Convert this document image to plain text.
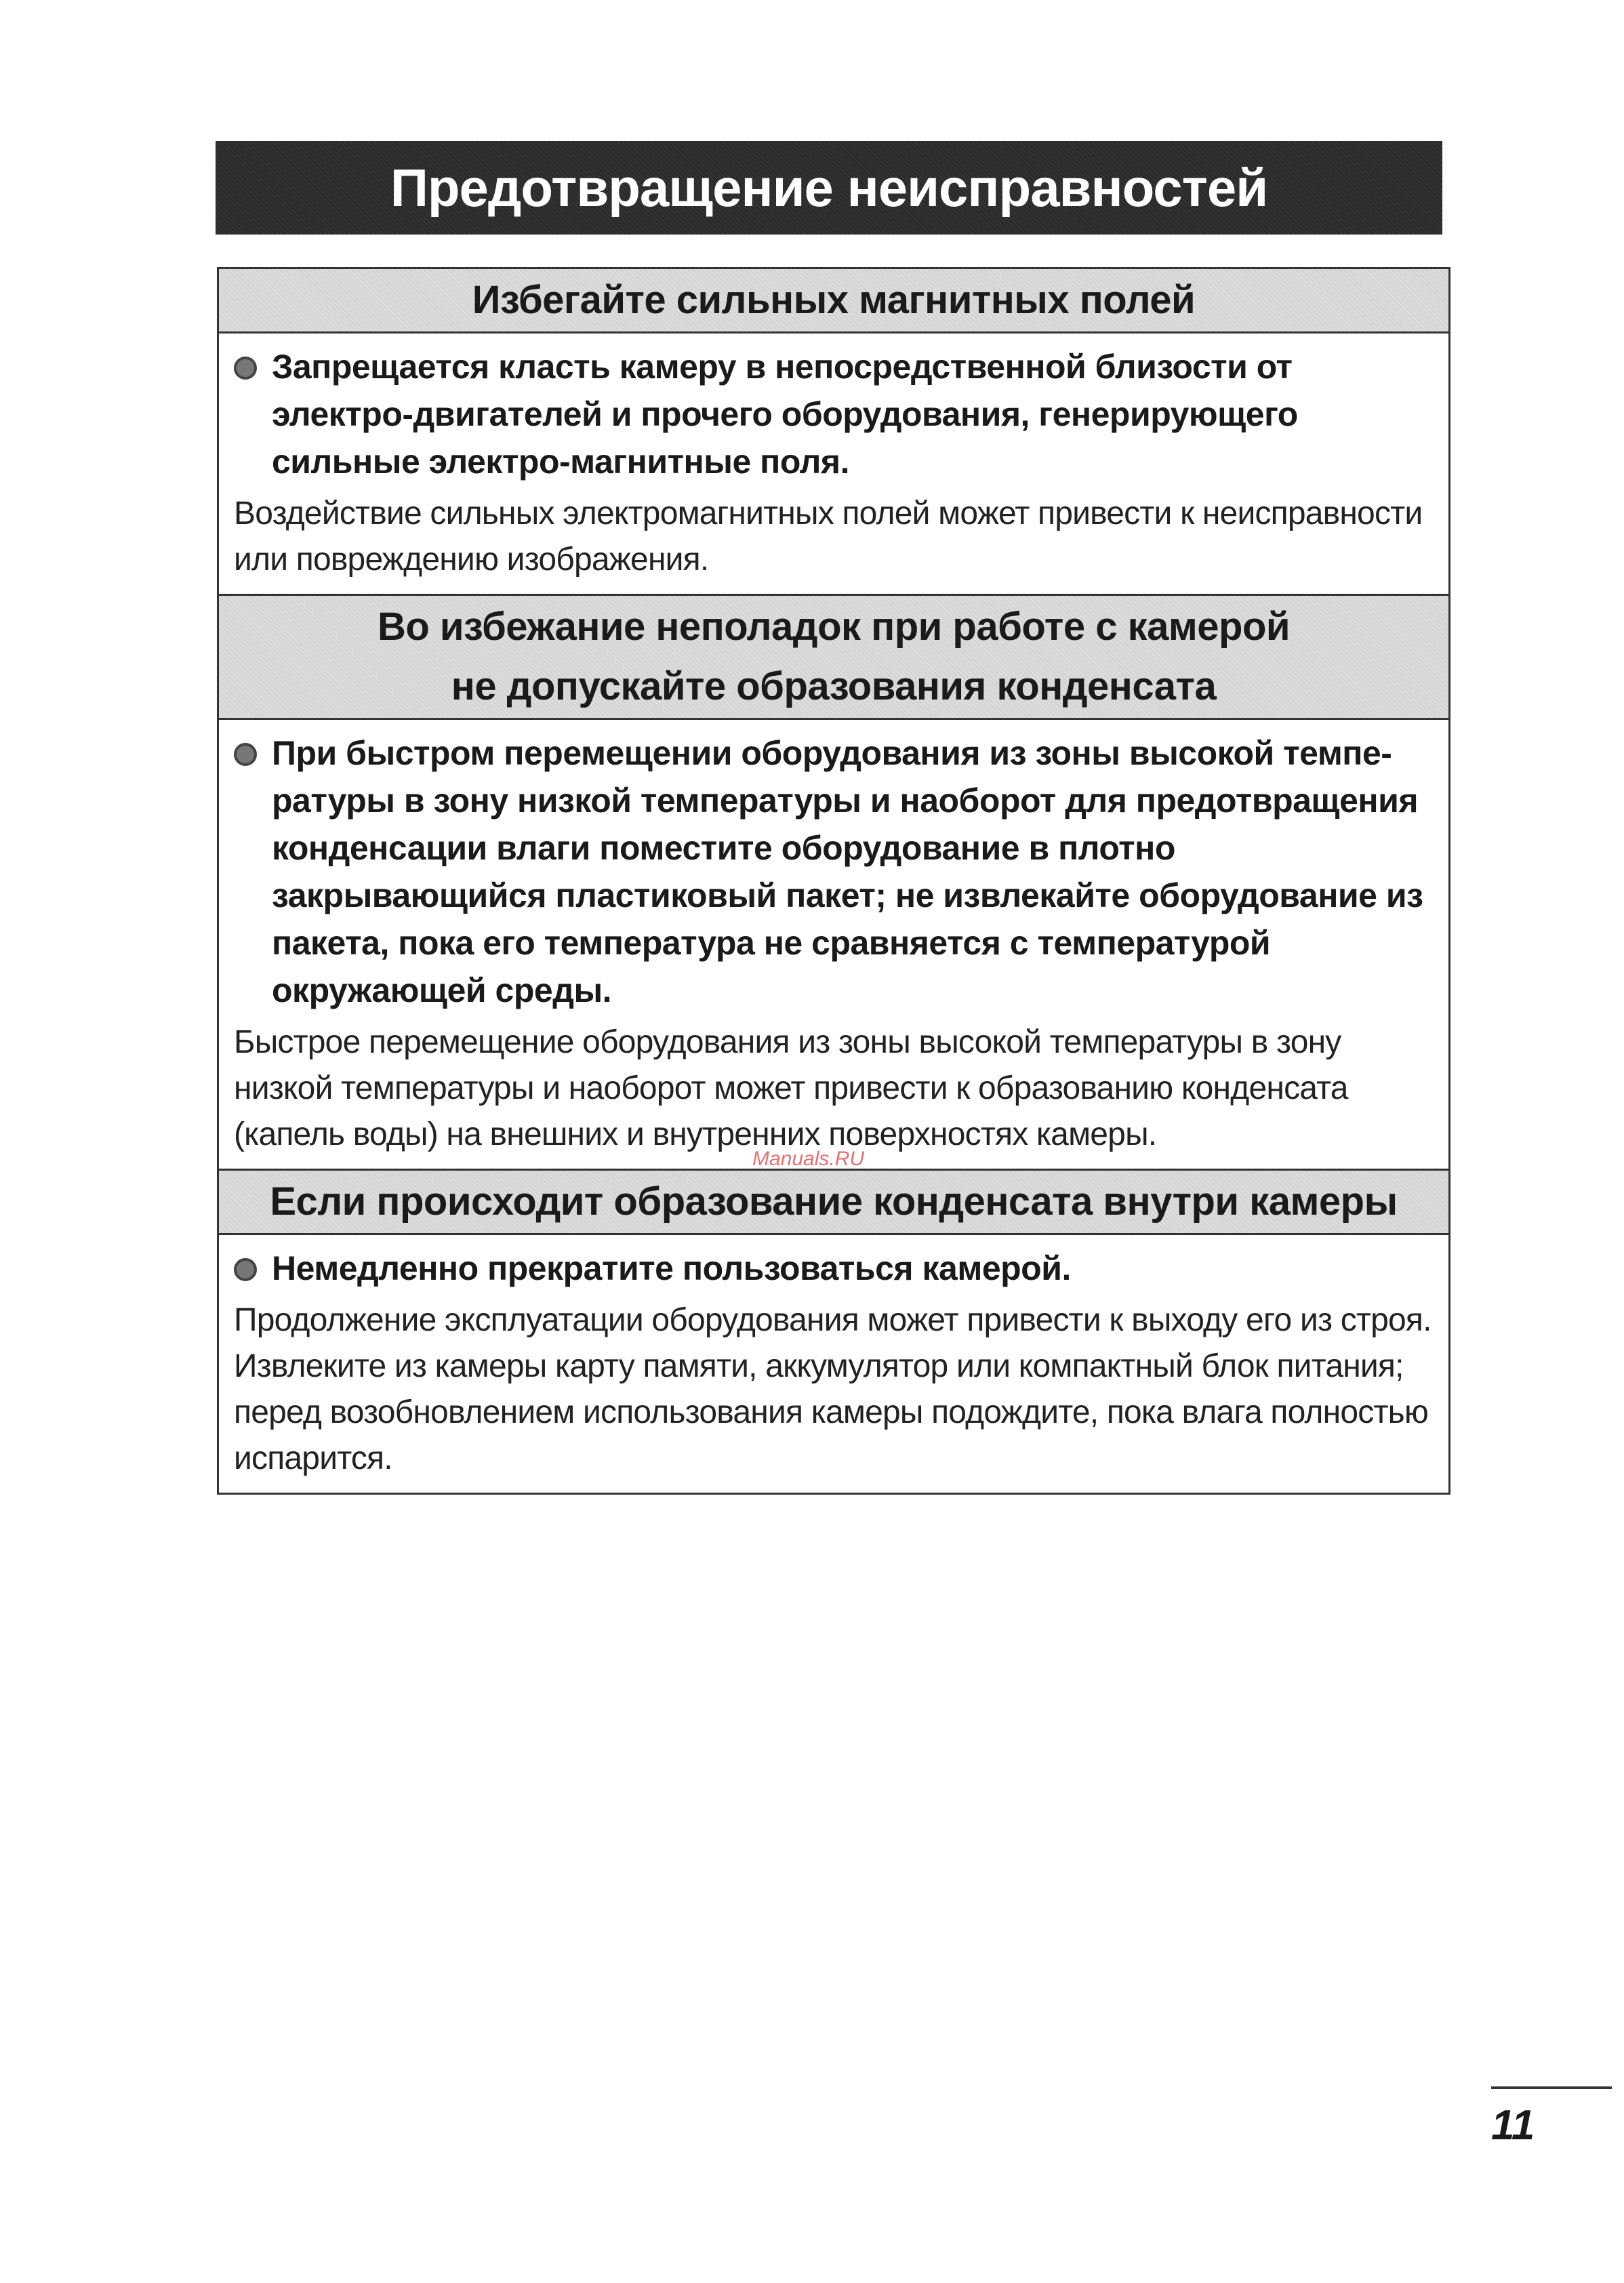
Предотвращение неисправностей
Избегайте сильных магнитных полей
Запрещается класть камеру в непосредственной близости от электро-двигателей и прочего оборудования, генерирующего сильные электро-магнитные поля.
Воздействие сильных электромагнитных полей может привести к неисправности или повреждению изображения.
Во избежание неполадок при работе с камерой
не допускайте образования конденсата
При быстром перемещении оборудования из зоны высокой темпе-ратуры в зону низкой температуры и наоборот для предотвращения конденсации влаги поместите оборудование в плотно закрывающийся пластиковый пакет; не извлекайте оборудование из пакета, пока его температура не сравняется с температурой окружающей среды.
Быстрое перемещение оборудования из зоны высокой температуры в зону низкой температуры и наоборот может привести к образованию конденсата (капель воды) на внешних и внутренних поверхностях камеры.
Если происходит образование конденсата внутри камеры
Немедленно прекратите пользоваться камерой.
Продолжение эксплуатации оборудования может привести к выходу его из строя. Извлеките из камеры карту памяти, аккумулятор или компактный блок питания; перед возобновлением использования камеры подождите, пока влага полностью испарится.
Manuals.RU
11
